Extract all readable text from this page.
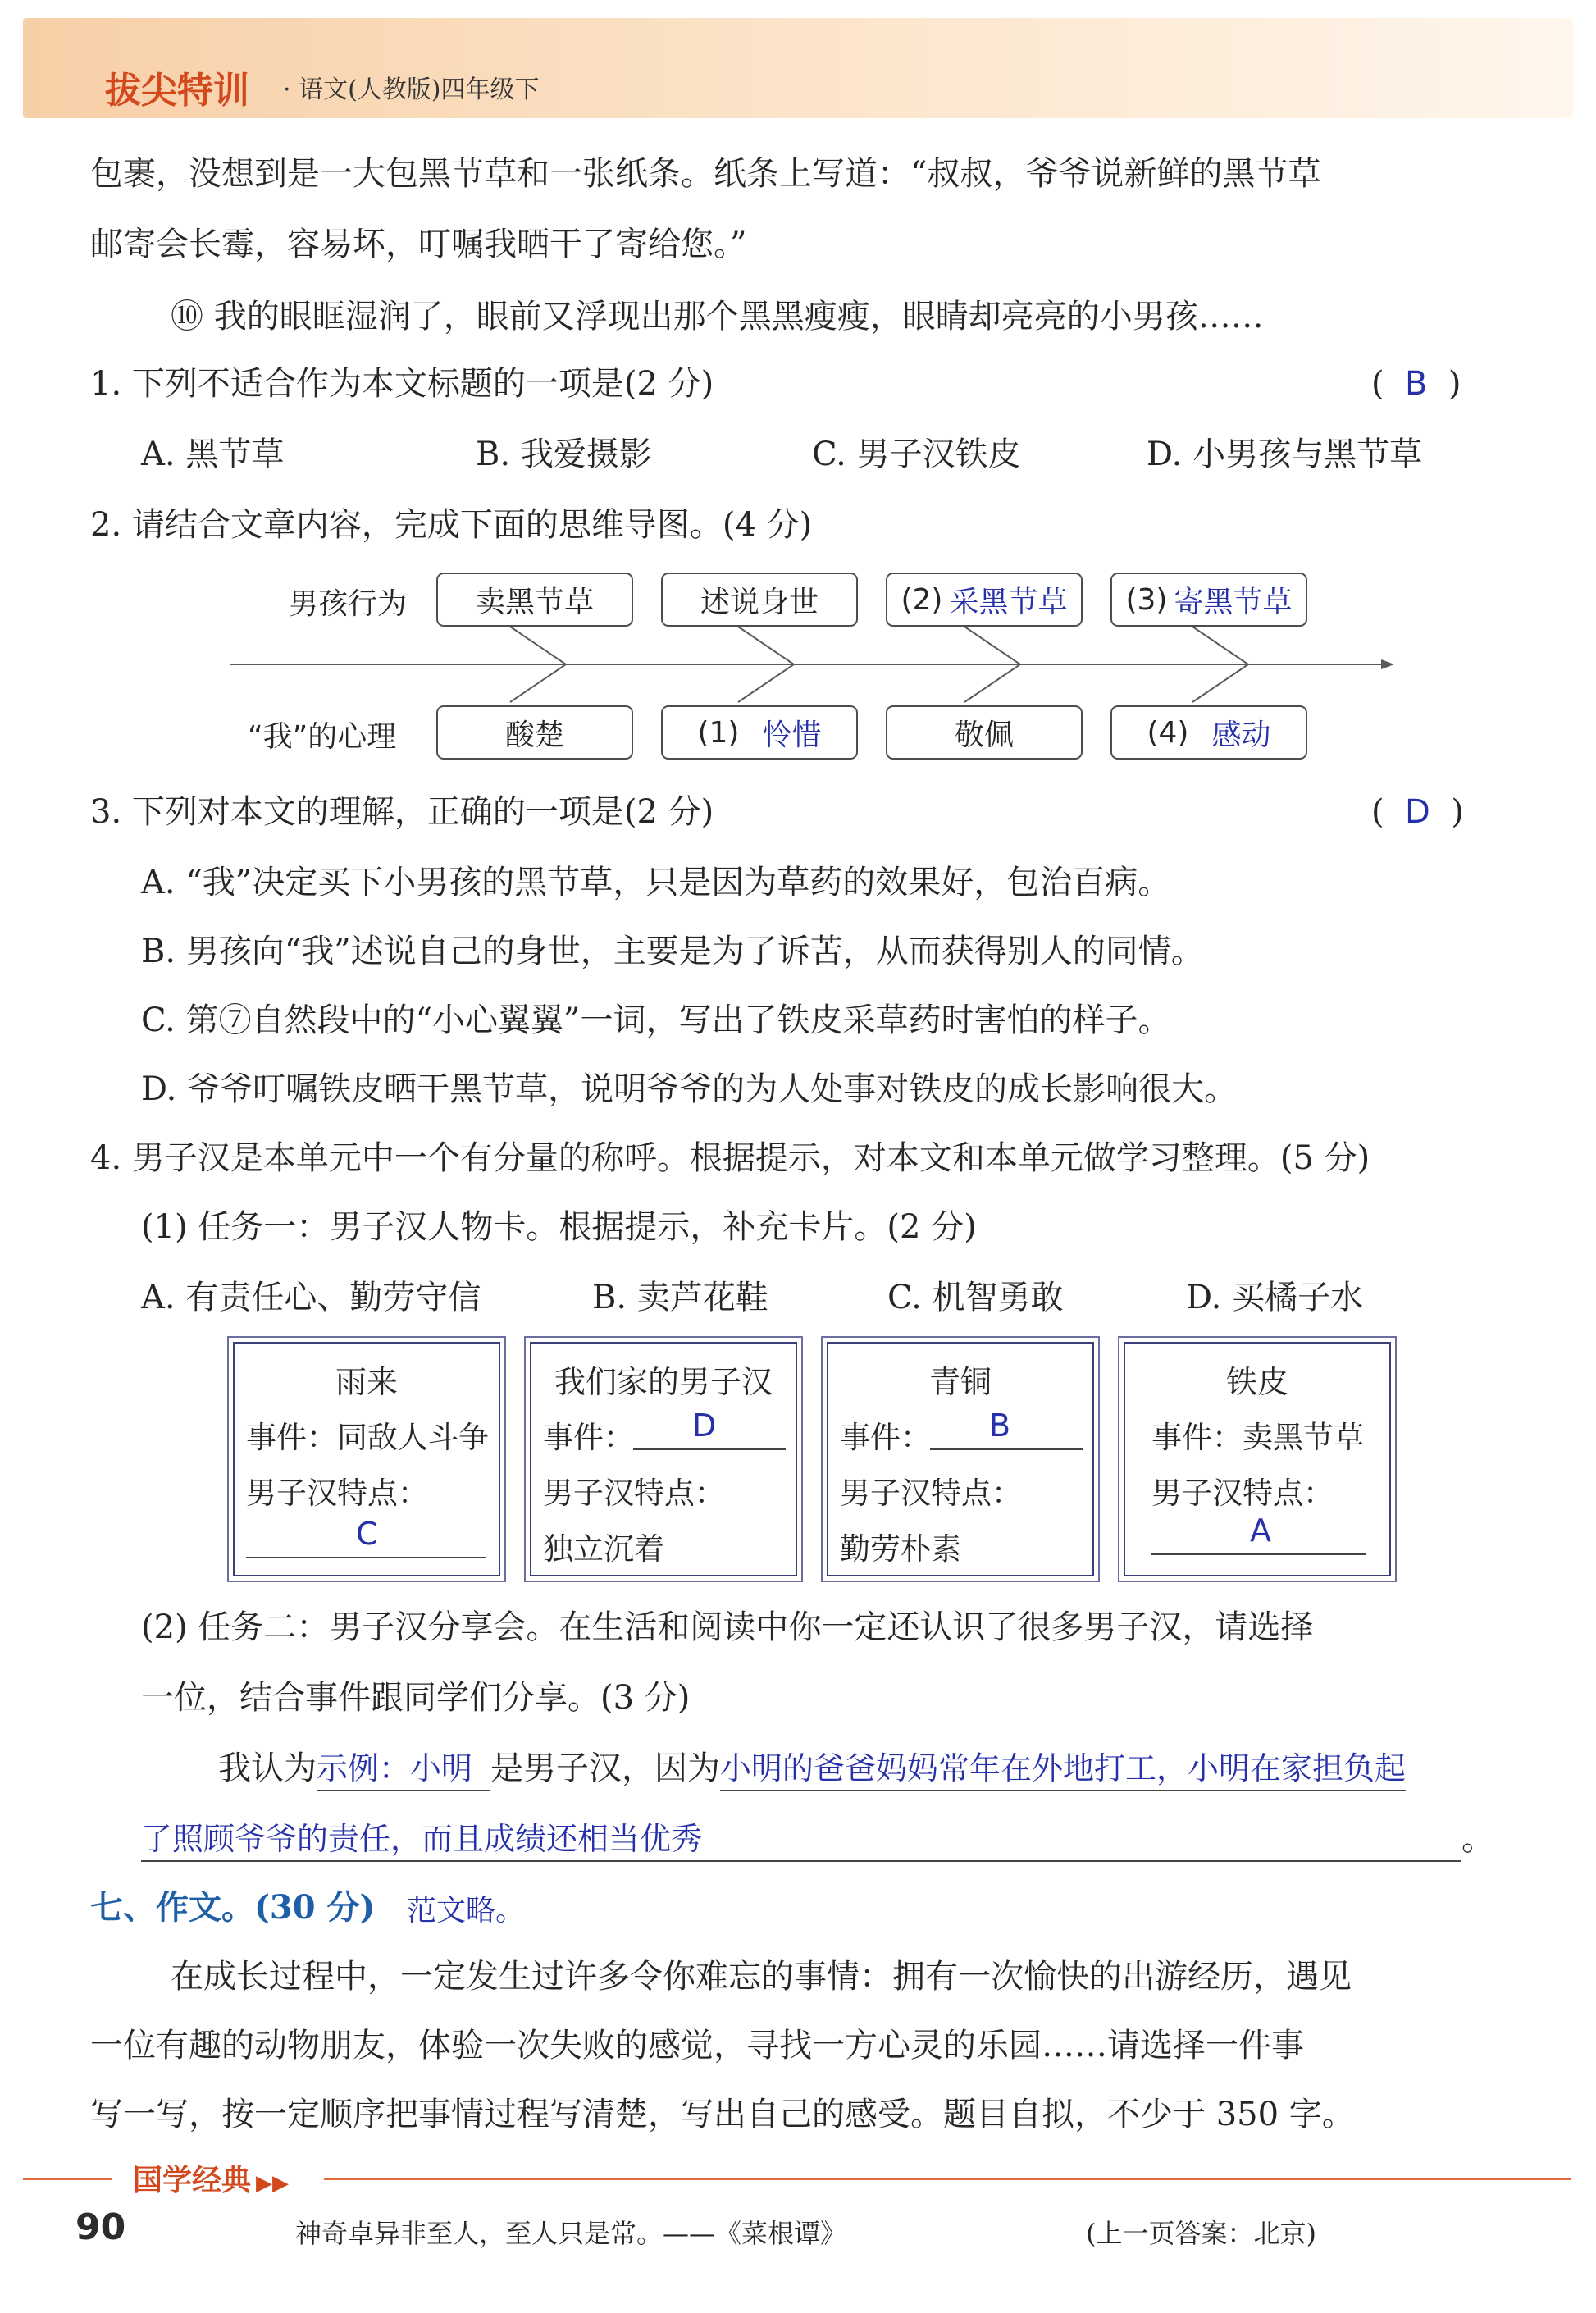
拔尖特训 · 语文(人教版)四年级下
包裹，没想到是一大包黑节草和一张纸条。纸条上写道：“叔叔，爷爷说新鲜的黑节草
邮寄会长霉，容易坏，叮嘱我晒干了寄给您。”
⑩ 我的眼眶湿润了，眼前又浮现出那个黑黑瘦瘦，眼睛却亮亮的小男孩……
1. 下列不适合作为本文标题的一项是(2 分)	(  B  )
A. 黑节草	B. 我爱摄影	C. 男子汉铁皮	D. 小男孩与黑节草
2. 请结合文章内容，完成下面的思维导图。(4 分)
男孩行为
“我”的心理
卖黑节草	述说身世	(2) 采黑节草 (3) 寄黑节草
酸楚	(1) 怜惜	敬佩	(4) 感动
3. 下列对本文的理解，正确的一项是(2 分)	(  D  )
A. “我”决定买下小男孩的黑节草，只是因为草药的效果好，包治百病。
B. 男孩向“我”述说自己的身世，主要是为了诉苦，从而获得别人的同情。
C. 第⑦自然段中的“小心翼翼”一词，写出了铁皮采草药时害怕的样子。
D. 爷爷叮嘱铁皮晒干黑节草，说明爷爷的为人处事对铁皮的成长影响很大。
4. 男子汉是本单元中一个有分量的称呼。根据提示，对本文和本单元做学习整理。(5 分)
(1) 任务一：男子汉人物卡。根据提示，补充卡片。(2 分)
A. 有责任心、勤劳守信	B. 卖芦花鞋	C. 机智勇敢	D. 买橘子水
雨来
事件：同敌人斗争
男子汉特点：
C
我们家的男子汉
事件： D
男子汉特点：
独立沉着
青铜
事件： B
男子汉特点：
勤劳朴素
铁皮
事件：卖黑节草
男子汉特点：
A
(2) 任务二：男子汉分享会。在生活和阅读中你一定还认识了很多男子汉，请选择
一位，结合事件跟同学们分享。(3 分)
我认为示例：小明 是男子汉，因为小明的爸爸妈妈常年在外地打工，小明在家担负起
了照顾爷爷的责任，而且成绩还相当优秀	。
七、作文。(30 分) 范文略。
在成长过程中，一定发生过许多令你难忘的事情：拥有一次愉快的出游经历，遇见
一位有趣的动物朋友，体验一次失败的感觉，寻找一方心灵的乐园……请选择一件事
写一写，按一定顺序把事情过程写清楚，写出自己的感受。题目自拟，不少于 350 字。
国学经典 ▶▶
90	神奇卓异非至人，至人只是常。——《菜根谭》	(上一页答案：北京)
